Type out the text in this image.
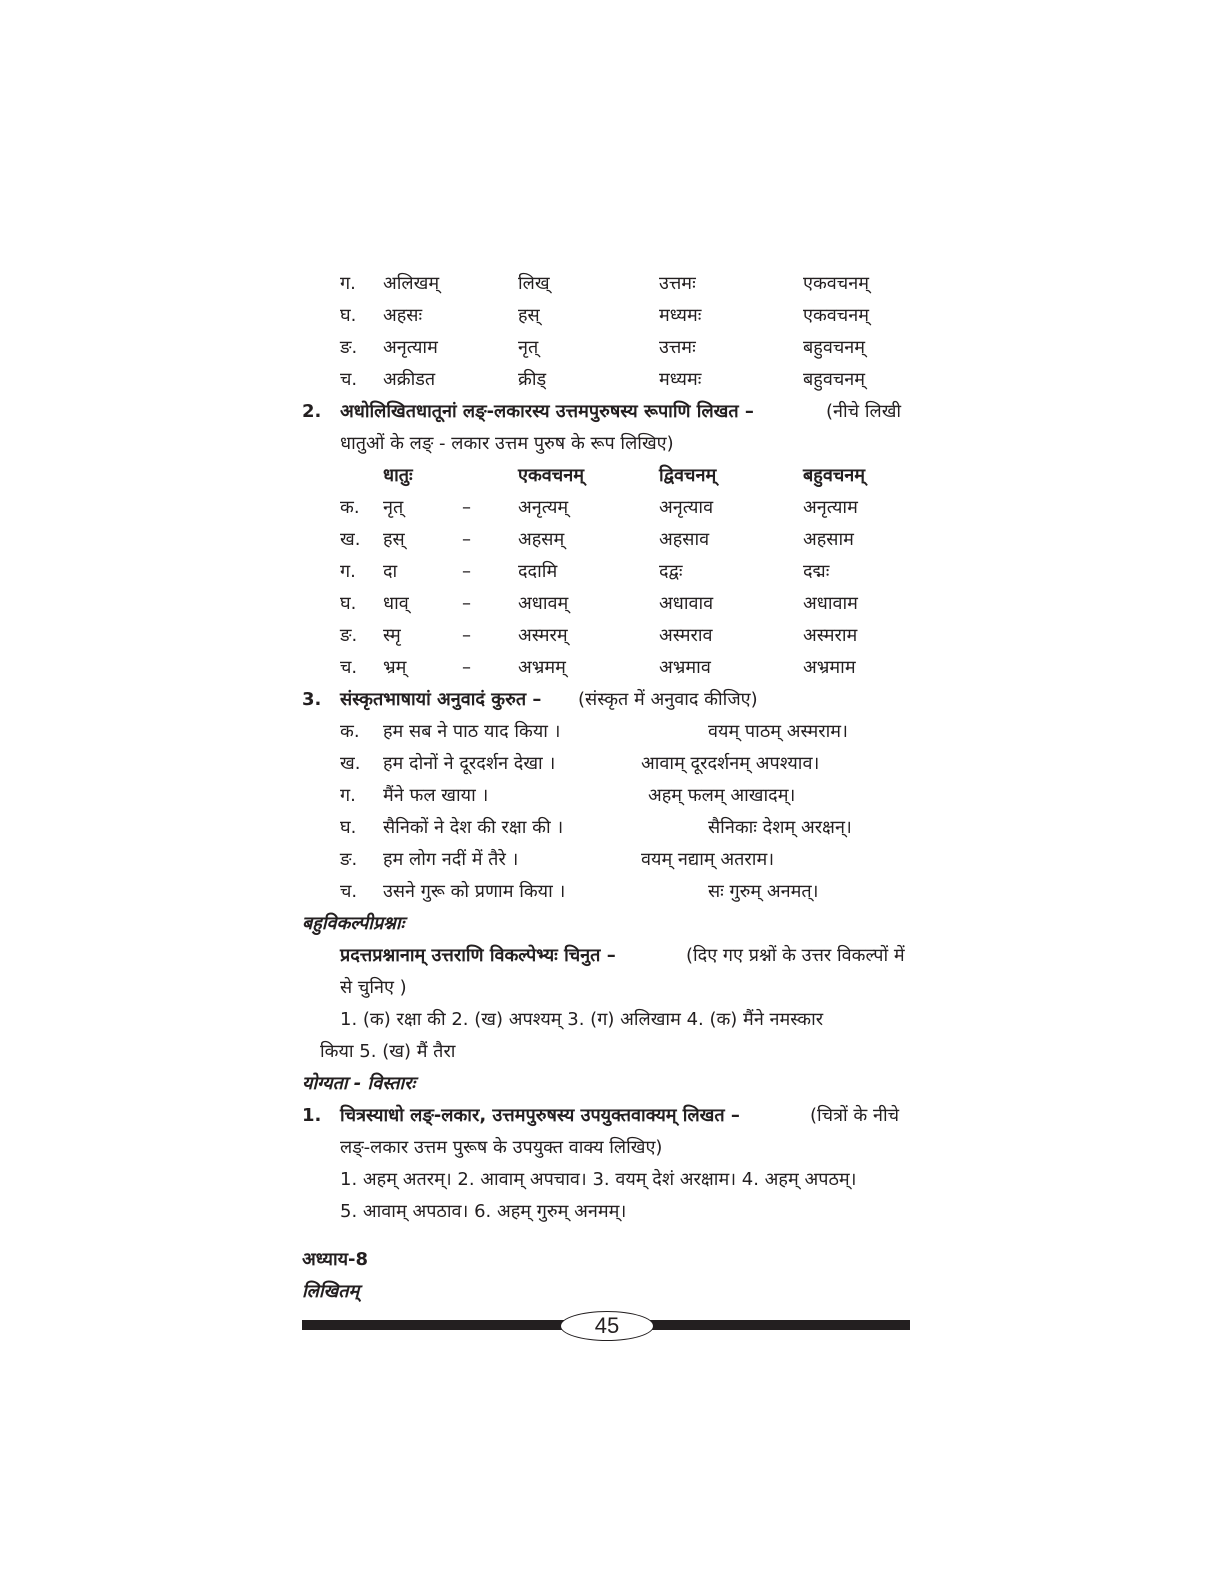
ग. अलिखम्	लिख्	उत्तमः	एकवचनम्
घ. अहसः	हस्	मध्यमः	एकवचनम्
ङ. अनृत्याम	नृत्	उत्तमः	बहुवचनम्
च. अक्रीडत	क्रीड्	मध्यमः	बहुवचनम्
2. अधोलिखितधातूनां लङ्-लकारस्य उत्तमपुरुषस्य रूपाणि लिखत –	(नीचे लिखी
धातुओं के लङ् - लकार उत्तम पुरुष के रूप लिखिए)
धातुः	एकवचनम्	द्विवचनम्	बहुवचनम्
क. नृत्	–	अनृत्यम्	अनृत्याव	अनृत्याम
ख. हस्	–	अहसम्	अहसाव	अहसाम
ग. दा	–	ददामि	दद्वः	दद्मः
घ. धाव्	–	अधावम्	अधावाव	अधावाम
ङ. स्मृ	–	अस्मरम्	अस्मराव	अस्मराम
च. भ्रम्	–	अभ्रमम्	अभ्रमाव	अभ्रमाम
3. संस्कृतभाषायां अनुवादं कुरुत – (संस्कृत में अनुवाद कीजिए)
क. हम सब ने पाठ याद किया ।	वयम् पाठम् अस्मराम।
ख. हम दोनों ने दूरदर्शन देखा ।	आवाम् दूरदर्शनम् अपश्याव।
ग. मैंने फल खाया ।	अहम् फलम् आखादम्।
घ. सैनिकों ने देश की रक्षा की ।	सैनिकाः देशम् अरक्षन्।
ङ. हम लोग नदीं में तैरे ।	वयम् नद्याम् अतराम।
च. उसने गुरू को प्रणाम किया ।	सः गुरुम् अनमत्।
बहुविकल्पीप्रश्नाः
प्रदत्तप्रश्नानाम् उत्तराणि विकल्पेभ्यः चिनुत –	(दिए गए प्रश्नों के उत्तर विकल्पों में
से चुनिए )
1. (क) रक्षा की 2. (ख) अपश्यम् 3. (ग) अलिखाम 4. (क) मैंने नमस्कार
किया 5. (ख) मैं तैरा
योग्यता - विस्तारः
1. चित्रस्याधो लङ्-लकार, उत्तमपुरुषस्य उपयुक्तवाक्यम् लिखत –	(चित्रों के नीचे
लङ्-लकार उत्तम पुरूष के उपयुक्त वाक्य लिखिए)
1. अहम् अतरम्। 2. आवाम् अपचाव। 3. वयम् देशं अरक्षाम। 4. अहम् अपठम्।
5. आवाम् अपठाव। 6. अहम् गुरुम् अनमम्।
अध्याय-8
लिखितम्
45
